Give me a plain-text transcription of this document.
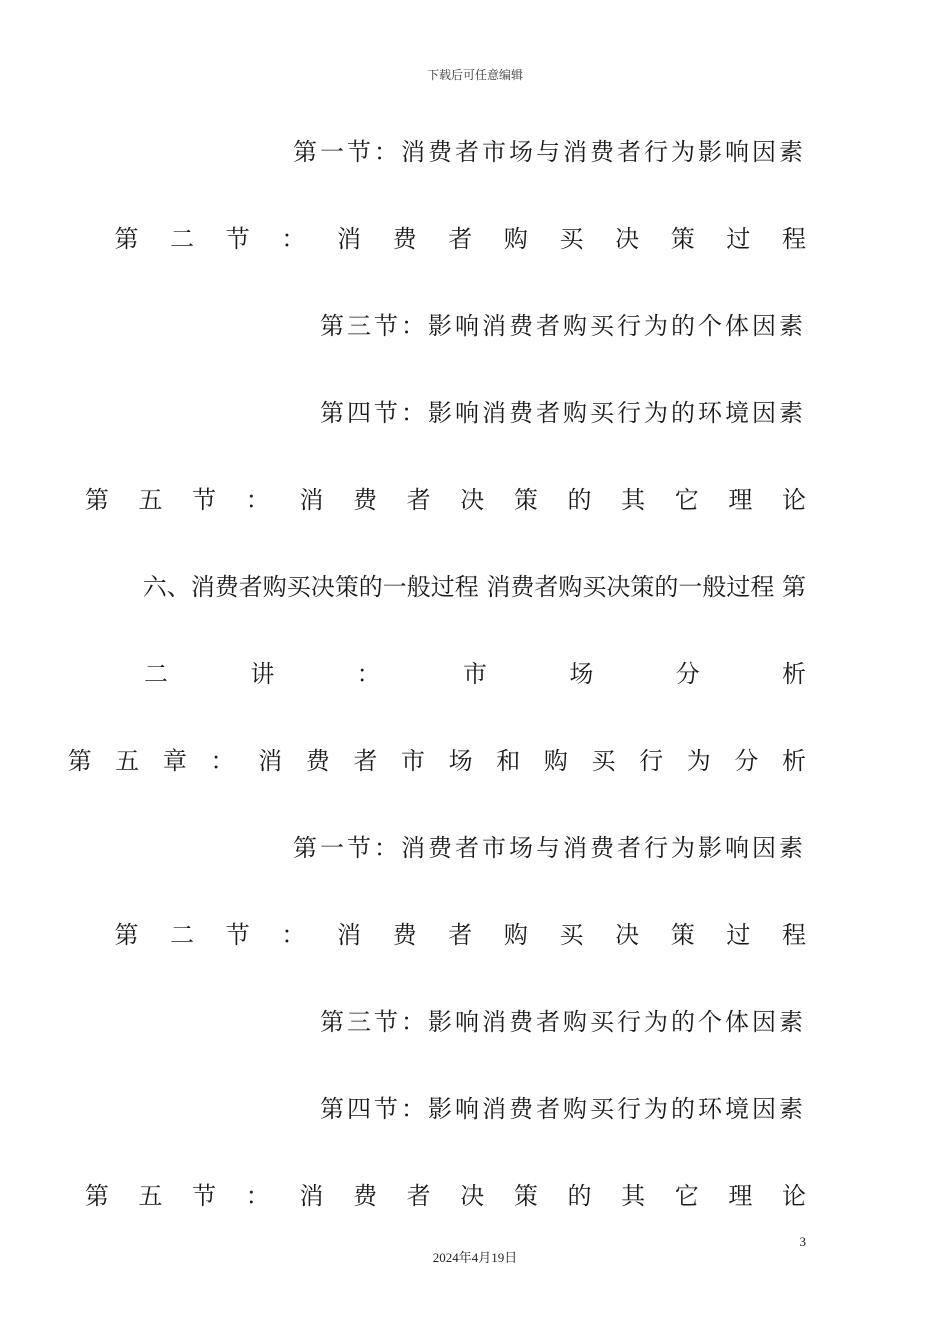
下载后可任意编辑
第一节：消费者市场与消费者行为影响因素
第 二 节 ： 消 费 者 购 买 决 策 过 程
第三节：影响消费者购买行为的个体因素
第四节：影响消费者购买行为的环境因素
第 五 节 ： 消 费 者 决 策 的 其 它 理 论
六、消费者购买决策的一般过程 消费者购买决策的一般过程 第
二	讲	：	市	场	分	析
第 五 章 ： 消 费 者 市 场 和 购 买 行 为 分 析
第一节：消费者市场与消费者行为影响因素
第 二 节 ： 消 费 者 购 买 决 策 过 程
第三节：影响消费者购买行为的个体因素
第四节：影响消费者购买行为的环境因素
第 五 节 ： 消 费 者 决 策 的 其 它 理 论
3
2024年4月19日
